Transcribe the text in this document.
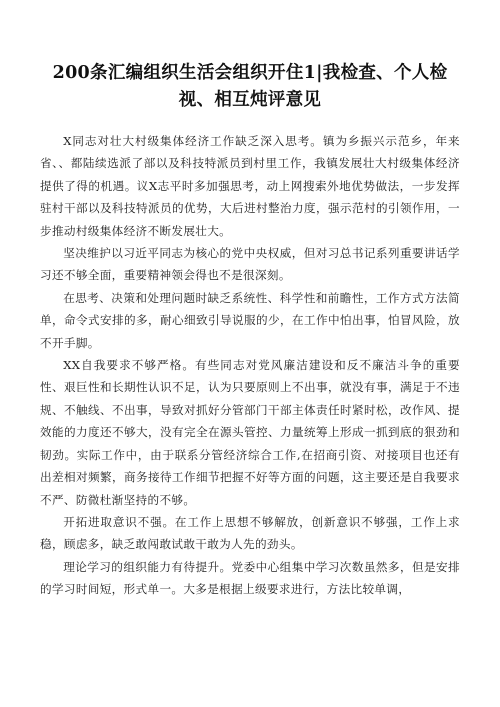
200条汇编组织生活会组织开住1|我检查、个人检视、相互炖评意见

X同志对壮大村级集体经济工作缺乏深入思考。镇为乡振兴示范乡，年来省、、都陆续选派了部以及科技特派员到村里工作，我镇发展壮大村级集体经济提供了得的机遇。议X志平时多加强思考，动上网搜索外地优势做法，一步发挥驻村干部以及科技特派员的优势，大后进村整治力度，强示范村的引领作用，一步推动村级集体经济不断发展壮大。

坚决维护以习近平同志为核心的党中央权威，但对习总书记系列重要讲话学习还不够全面，重要精神领会得也不是很深刻。

在思考、决策和处理问题时缺乏系统性、科学性和前瞻性，工作方式方法简单，命令式安排的多，耐心细致引导说服的少，在工作中怕出事，怕冒风险，放不开手脚。

XX自我要求不够严格。有些同志对党风廉洁建设和反不廉洁斗争的重要性、艰巨性和长期性认识不足，认为只要原则上不出事，就没有事，满足于不违规、不触线、不出事，导致对抓好分管部门干部主体责任时紧时松，改作风、提效能的力度还不够大，没有完全在源头管控、力量统筹上形成一抓到底的狠劲和韧劲。实际工作中，由于联系分管经济综合工作,在招商引资、对接项目也还有出差相对频繁，商务接待工作细节把握不好等方面的问题，这主要还是自我要求不严、防微杜渐坚持的不够。

开拓进取意识不强。在工作上思想不够解放，创新意识不够强，工作上求稳，顾虑多，缺乏敢闯敢试敢干敢为人先的劲头。

理论学习的组织能力有待提升。党委中心组集中学习次数虽然多，但是安排的学习时间短，形式单一。大多是根据上级要求进行，方法比较单调，
